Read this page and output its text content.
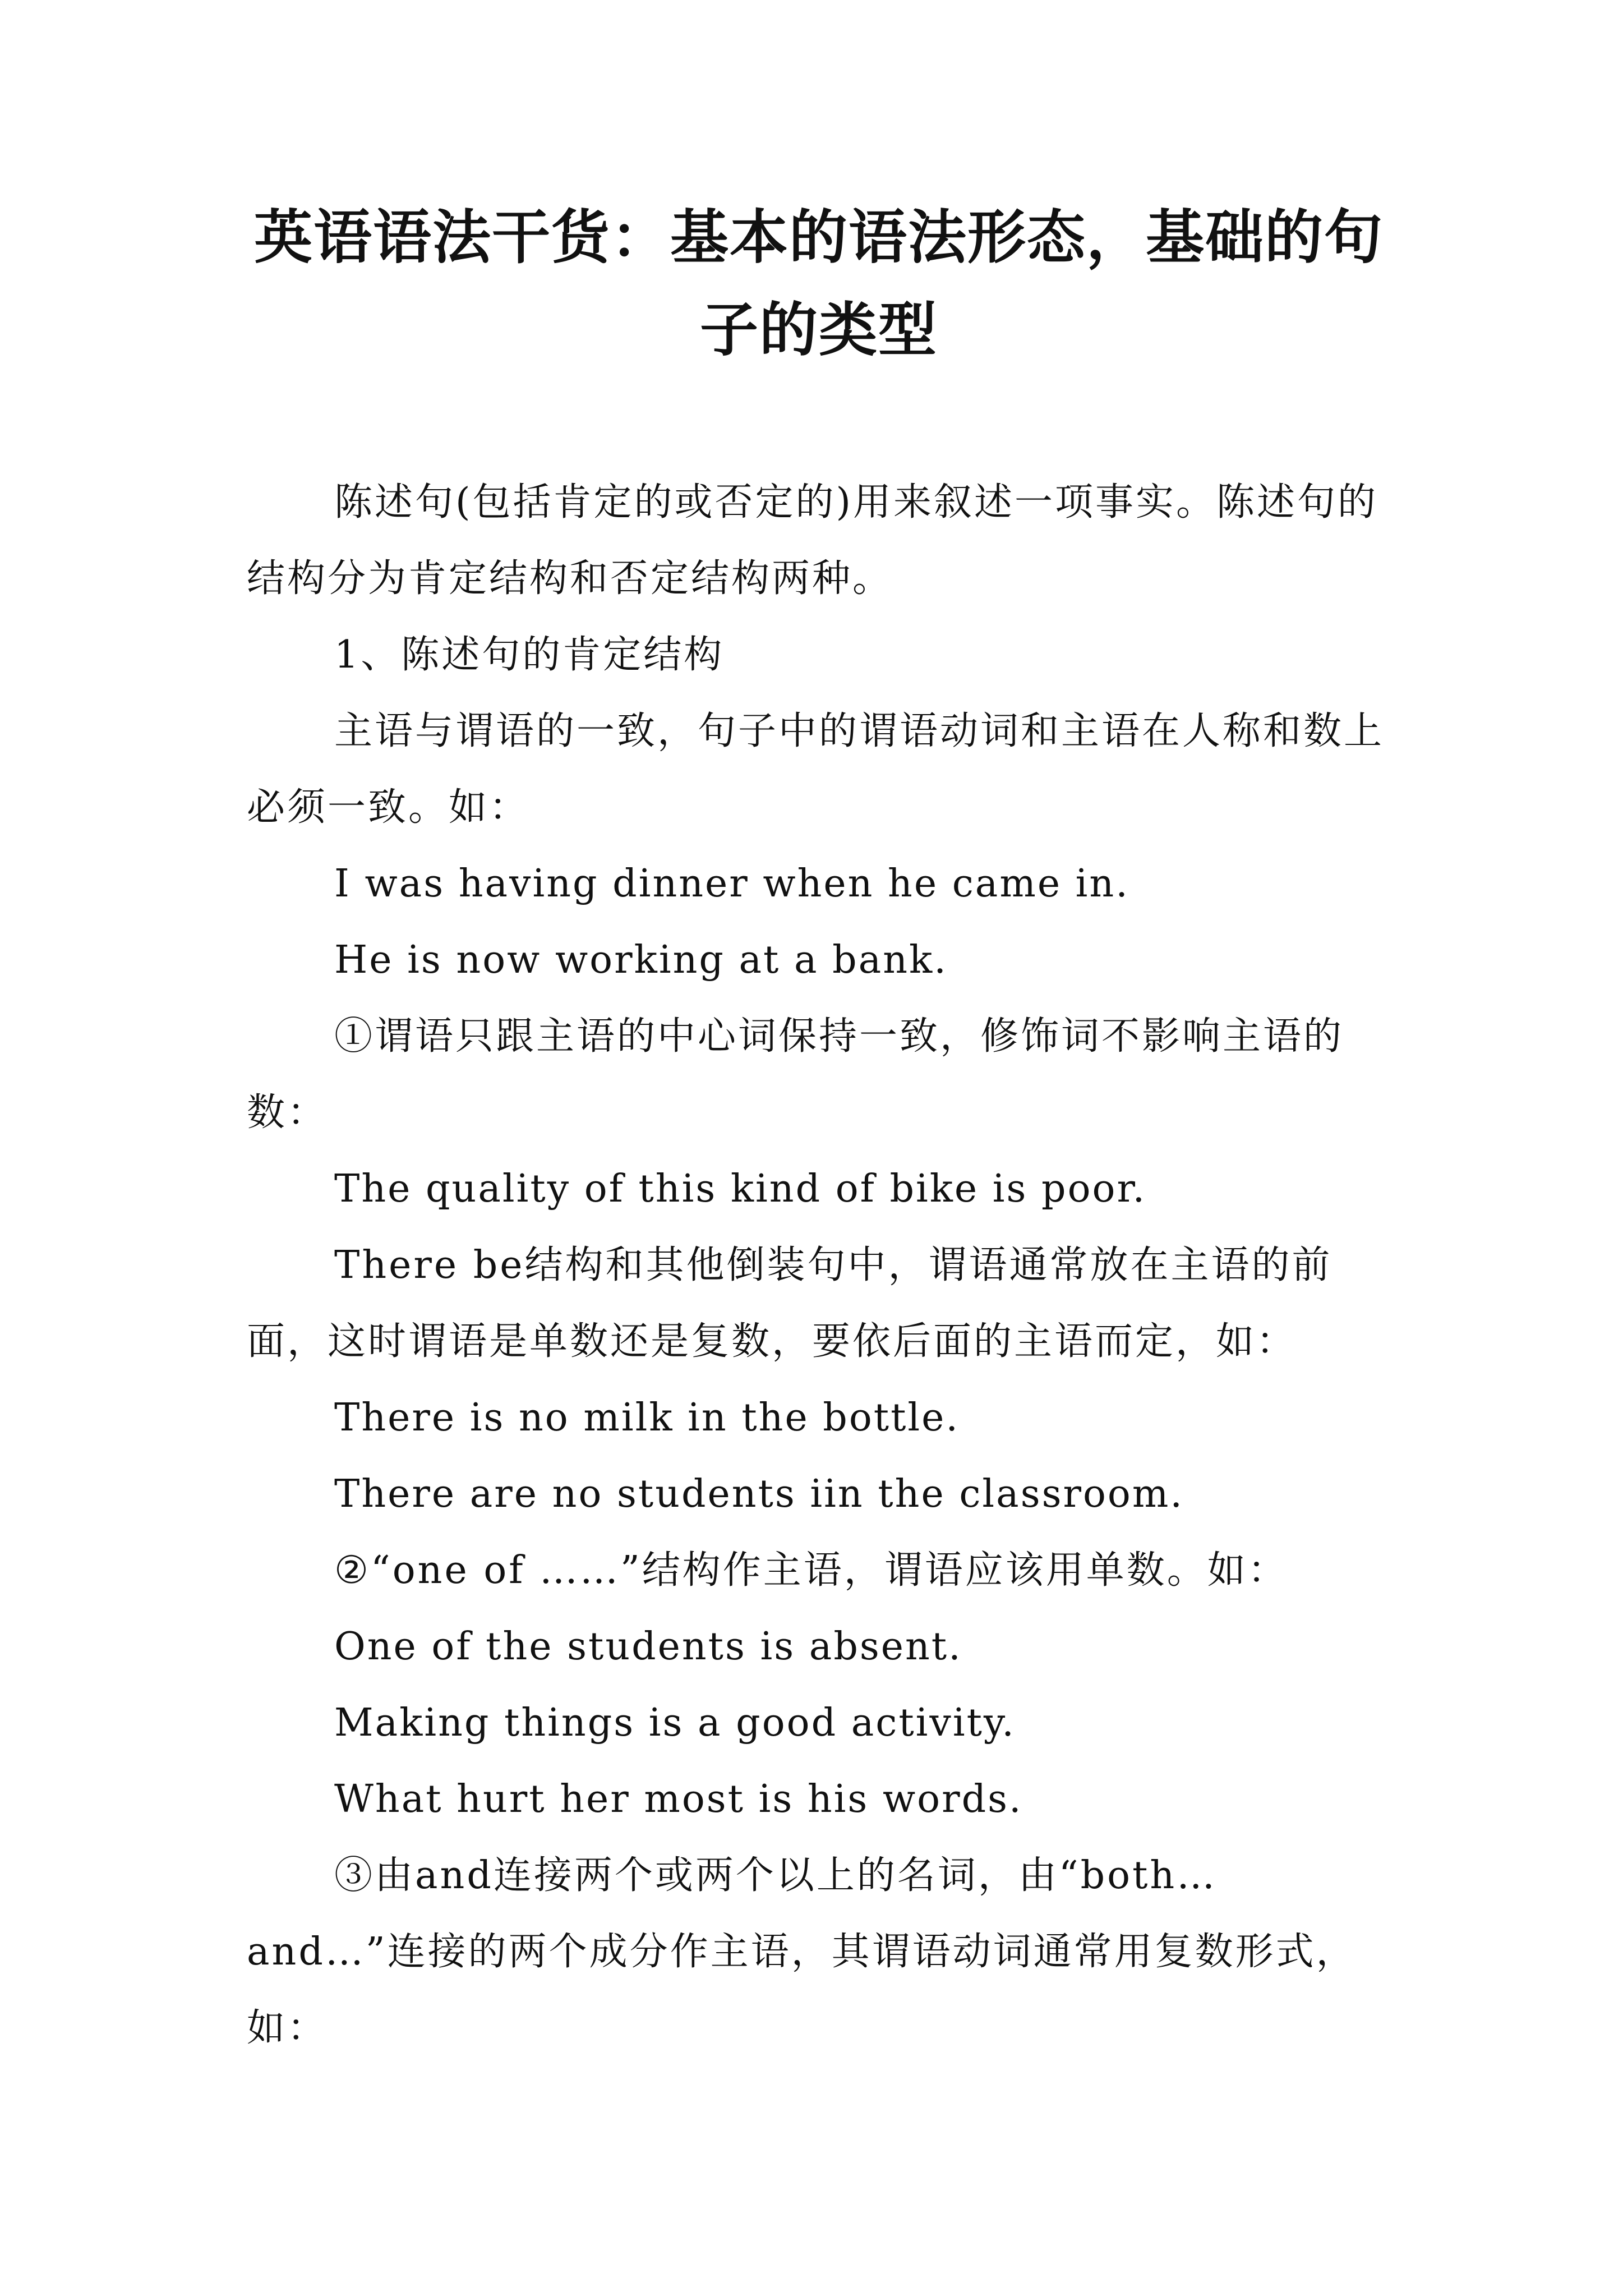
英语语法干货：基本的语法形态，基础的句
子的类型

陈述句(包括肯定的或否定的)用来叙述一项事实。陈述句的结构分为肯定结构和否定结构两种。

1、陈述句的肯定结构

主语与谓语的一致，句子中的谓语动词和主语在人称和数上必须一致。如：

I was having dinner when he came in.

He is now working at a bank.

①谓语只跟主语的中心词保持一致，修饰词不影响主语的数：

The quality of this kind of bike is poor.

There be结构和其他倒装句中，谓语通常放在主语的前面，这时谓语是单数还是复数，要依后面的主语而定，如：

There is no milk in the bottle.

There are no students iin the classroom.

②“one of ……”结构作主语，谓语应该用单数。如：

One of the students is absent.

Making things is a good activity.

What hurt her most is his words.

③由and连接两个或两个以上的名词，由“both…and…”连接的两个成分作主语，其谓语动词通常用复数形式，如：
